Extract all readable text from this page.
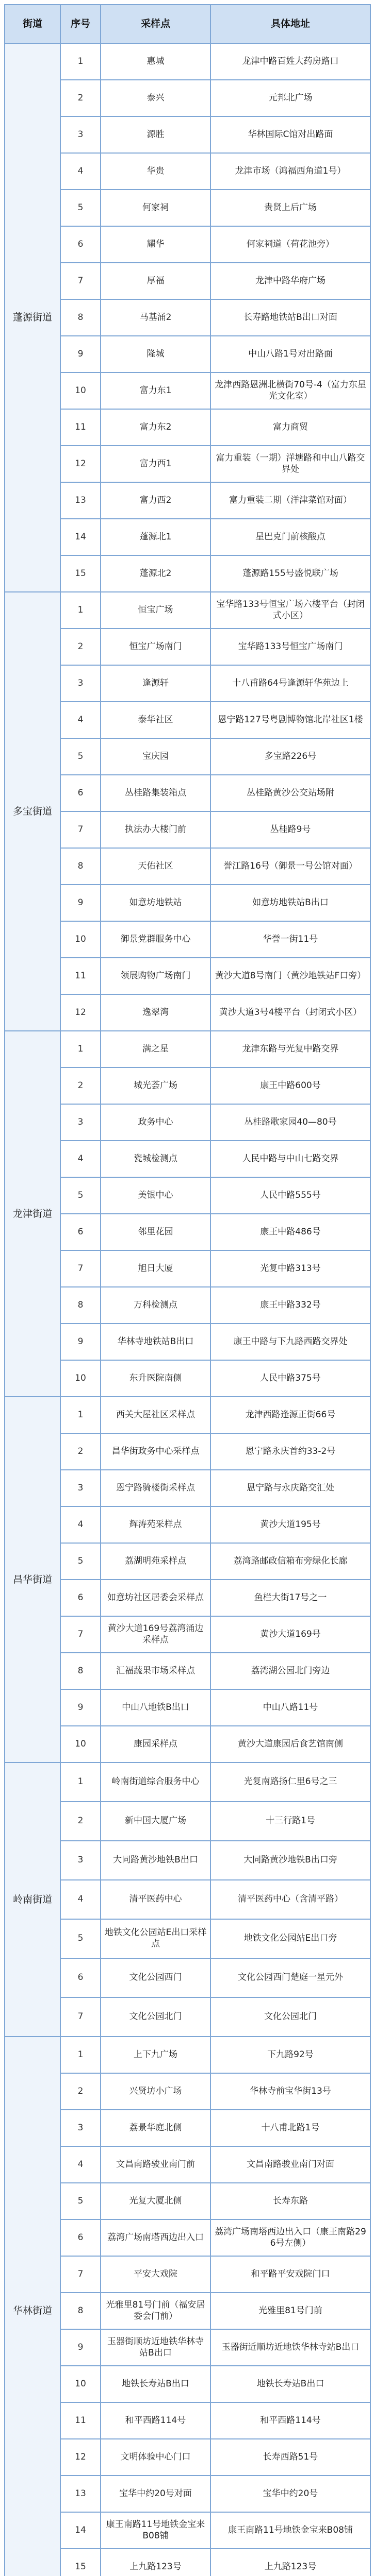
街道	序号	采样点	具体地址
蓬源街道	1	惠城	龙津中路百姓大药房路口
	2	泰兴	元邦北广场
	3	源胜	华林国际C馆对出路面
	4	华贵	龙津市场（鸿福西角道1号）
	5	何家祠	贵贤上后广场
	6	耀华	何家祠道（荷花池旁）
	7	厚福	龙津中路华府广场
	8	马基涌2	长寿路地铁站B出口对面
	9	隆城	中山八路1号对出路面
	10	富力东1	龙津西路恩洲北横街70号-4（富力东星光文化室）
	11	富力东2	富力商贸
	12	富力西1	富力重装（一期）洋塘路和中山八路交界处
	13	富力西2	富力重装二期（洋津菜馆对面）
	14	蓬源北1	星巴克门前核酸点
	15	蓬源北2	蓬源路155号盛悦联广场
多宝街道	1	恒宝广场	宝华路133号恒宝广场六楼平台（封闭式小区）
	2	恒宝广场南门	宝华路133号恒宝广场南门
	3	逢源轩	十八甫路64号逢源轩华苑边上
	4	泰华社区	恩宁路127号粤剧博物馆北岸社区1楼
	5	宝庆园	多宝路226号
	6	丛桂路集装箱点	丛桂路黄沙公交站场附
	7	执法办大楼门前	丛桂路9号
	8	天佑社区	誉江路16号（御景一号公馆对面）
	9	如意坊地铁站	如意坊地铁站B出口
	10	御景党群服务中心	华誉一街11号
	11	领展购物广场南门	黄沙大道8号南门（黄沙地铁站F口旁）
	12	逸翠湾	黄沙大道3号4楼平台（封闭式小区）
龙津街道	1	满之星	龙津东路与光复中路交界
	2	城光荟广场	康王中路600号
	3	政务中心	丛桂路歌家园40—80号
	4	瓷城检测点	人民中路与中山七路交界
	5	美银中心	人民中路555号
	6	邻里花园	康王中路486号
	7	旭日大厦	光复中路313号
	8	万科检测点	康王中路332号
	9	华林寺地铁站B出口	康王中路与下九路西路交界处
	10	东升医院南侧	人民中路375号
昌华街道	1	西关大屋社区采样点	龙津西路逢源正街66号
	2	昌华街政务中心采样点	恩宁路永庆首约33-2号
	3	恩宁路骑楼街采样点	恩宁路与永庆路交汇处
	4	辉涛苑采样点	黄沙大道195号
	5	荔湖明苑采样点	荔湾路邮政信箱布旁绿化长廊
	6	如意坊社区居委会采样点	鱼栏大街17号之一
	7	黄沙大道169号荔湾涌边采样点	黄沙大道169号
	8	汇福蔬果市场采样点	荔湾湖公园北门旁边
	9	中山八地铁B出口	中山八路11号
	10	康园采样点	黄沙大道康园后食艺馆南侧
岭南街道	1	岭南街道综合服务中心	光复南路扬仁里6号之三
	2	新中国大厦广场	十三行路1号
	3	大同路黄沙地铁B出口	大同路黄沙地铁B出口旁
	4	清平医药中心	清平医药中心（含清平路）
	5	地铁文化公园站E出口采样点	地铁文化公园站E出口旁
	6	文化公园西门	文化公园西门楚庭一星元外
	7	文化公园北门	文化公园北门
华林街道	1	上下九广场	下九路92号
	2	兴贤坊小广场	华林寺前宝华街13号
	3	荔景华庭北侧	十八甫北路1号
	4	文昌南路骏业南门前	文昌南路骏业南门对面
	5	光复大厦北侧	长寿东路
	6	荔湾广场南塔西边出入口	荔湾广场南塔西边出入口（康王南路296号左侧）
	7	平安大戏院	和平路平安戏院门口
	8	光雅里81号门前（福安居委会门前）	光雅里81号门前
	9	玉器街顺坊近地铁华林寺站B出口	玉器街近顺坊近地铁华林寺站B出口
	10	地铁长寿站B出口	地铁长寿站B出口
	11	和平西路114号	和平西路114号
	12	文明体验中心门口	长寿西路51号
	13	宝华中约20号对面	宝华中约20号
	14	康王南路11号地铁金宝来B08铺	康王南路11号地铁金宝来B08铺
	15	上九路123号	上九路123号
